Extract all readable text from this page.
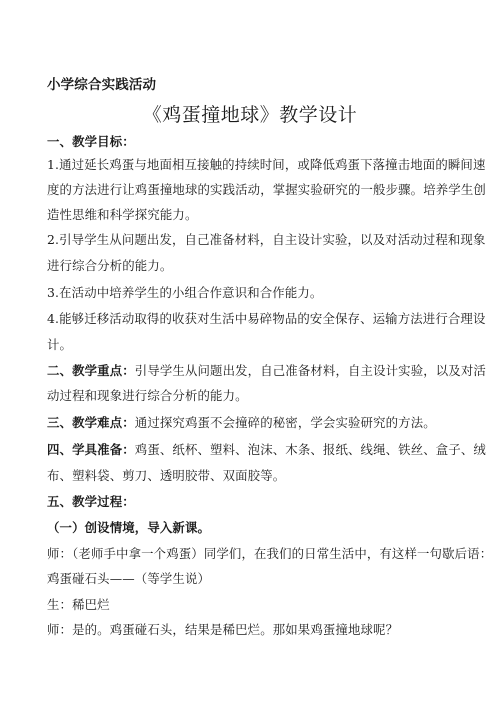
小学综合实践活动
《鸡蛋撞地球》教学设计
一、教学目标：
1.通过延长鸡蛋与地面相互接触的持续时间，或降低鸡蛋下落撞击地面的瞬间速
度的方法进行让鸡蛋撞地球的实践活动，掌握实验研究的一般步骤。培养学生创
造性思维和科学探究能力。
2.引导学生从问题出发，自己准备材料，自主设计实验，以及对活动过程和现象
进行综合分析的能力。
3.在活动中培养学生的小组合作意识和合作能力。
4.能够迁移活动取得的收获对生活中易碎物品的安全保存、运输方法进行合理设
计。
二、教学重点：引导学生从问题出发，自己准备材料，自主设计实验，以及对活
动过程和现象进行综合分析的能力。
三、教学难点：通过探究鸡蛋不会撞碎的秘密，学会实验研究的方法。
四、学具准备：鸡蛋、纸杯、塑料、泡沫、木条、报纸、线绳、铁丝、盒子、绒
布、塑料袋、剪刀、透明胶带、双面胶等。
五、教学过程：
（一）创设情境，导入新课。
师：（老师手中拿一个鸡蛋）同学们，在我们的日常生活中，有这样一句歇后语：
鸡蛋碰石头——（等学生说）
生：稀巴烂
师：是的。鸡蛋碰石头，结果是稀巴烂。那如果鸡蛋撞地球呢？
